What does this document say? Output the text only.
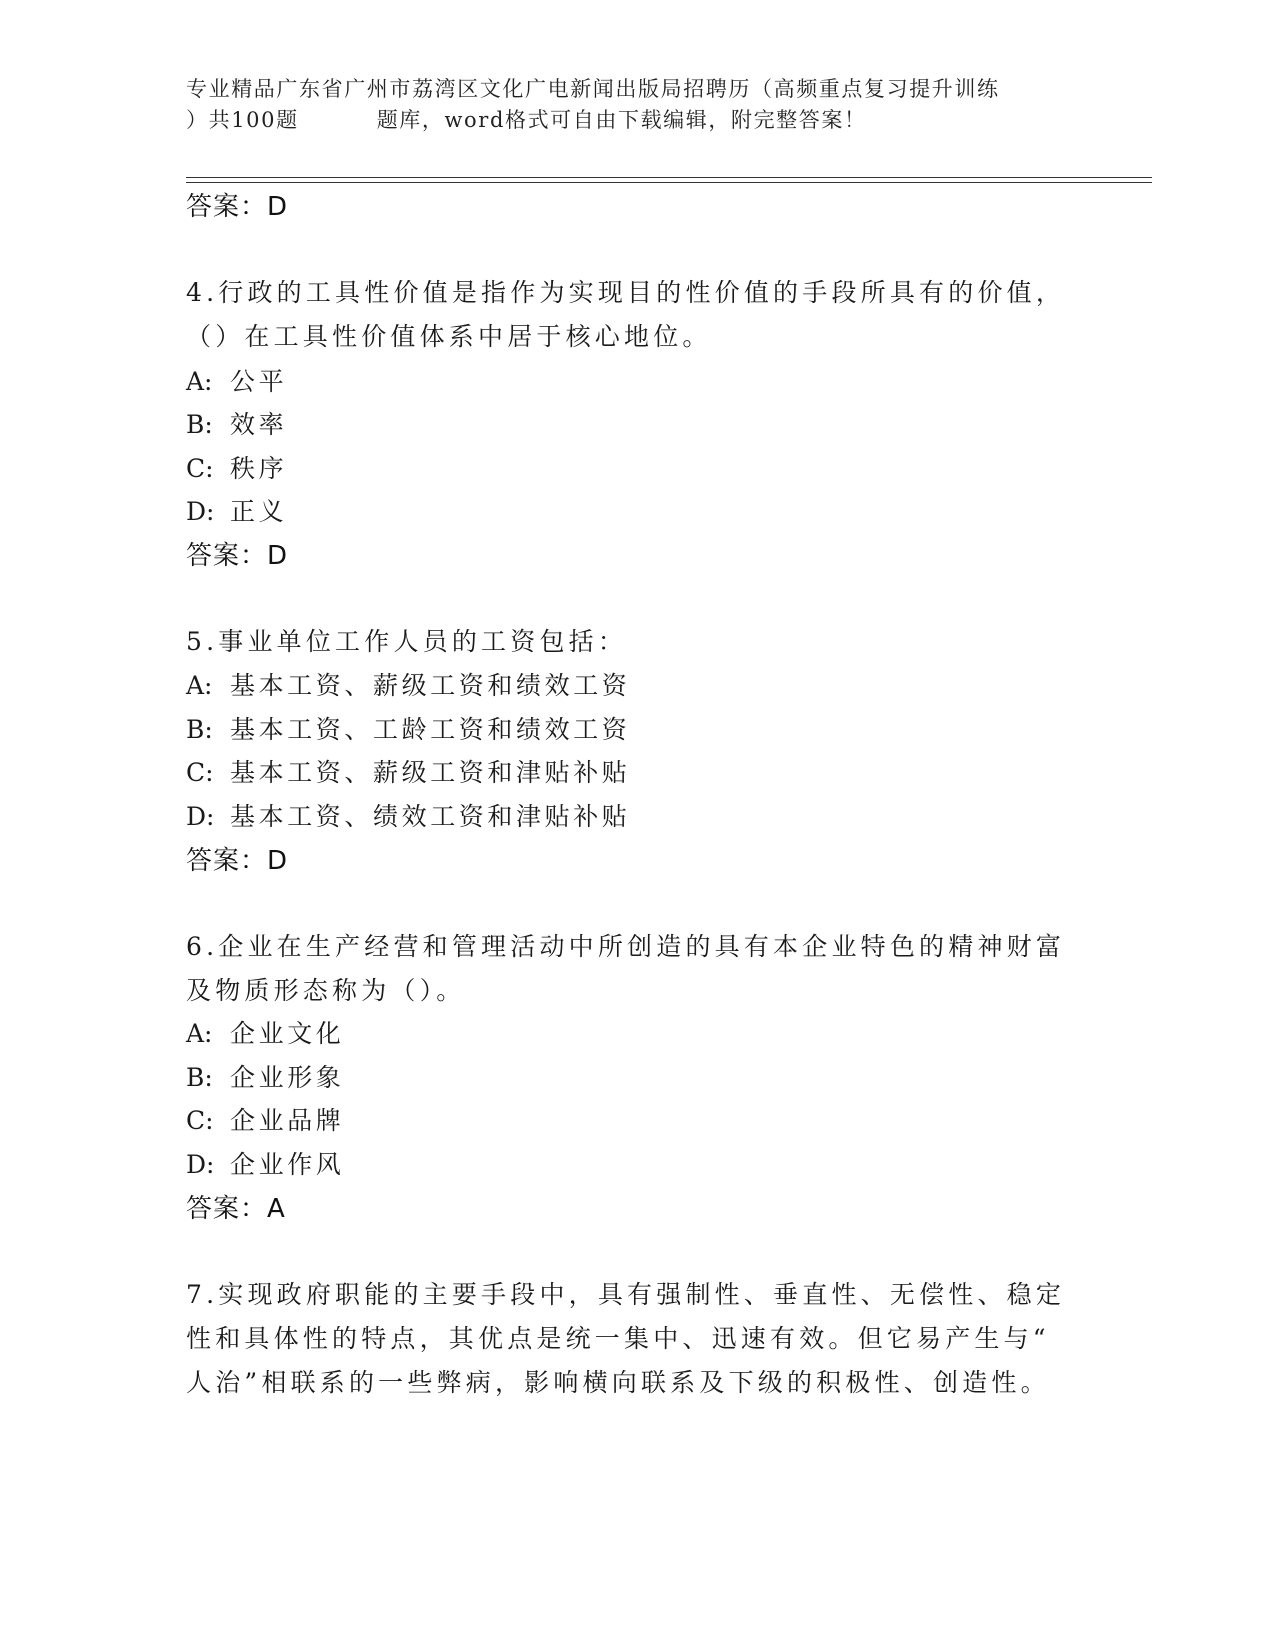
专业精品广东省广州市荔湾区文化广电新闻出版局招聘历（高频重点复习提升训练
）共100题	题库，word格式可自由下载编辑，附完整答案！
答案：D
4.行政的工具性价值是指作为实现目的性价值的手段所具有的价值，
（）在工具性价值体系中居于核心地位。
A: 公平
B: 效率
C: 秩序
D: 正义
答案：D
5.事业单位工作人员的工资包括：
A: 基本工资、薪级工资和绩效工资
B: 基本工资、工龄工资和绩效工资
C: 基本工资、薪级工资和津贴补贴
D: 基本工资、绩效工资和津贴补贴
答案：D
6.企业在生产经营和管理活动中所创造的具有本企业特色的精神财富
及物质形态称为（）。
A: 企业文化
B: 企业形象
C: 企业品牌
D: 企业作风
答案：A
7.实现政府职能的主要手段中，具有强制性、垂直性、无偿性、稳定
性和具体性的特点，其优点是统一集中、迅速有效。但它易产生与“
人治”相联系的一些弊病，影响横向联系及下级的积极性、创造性。
